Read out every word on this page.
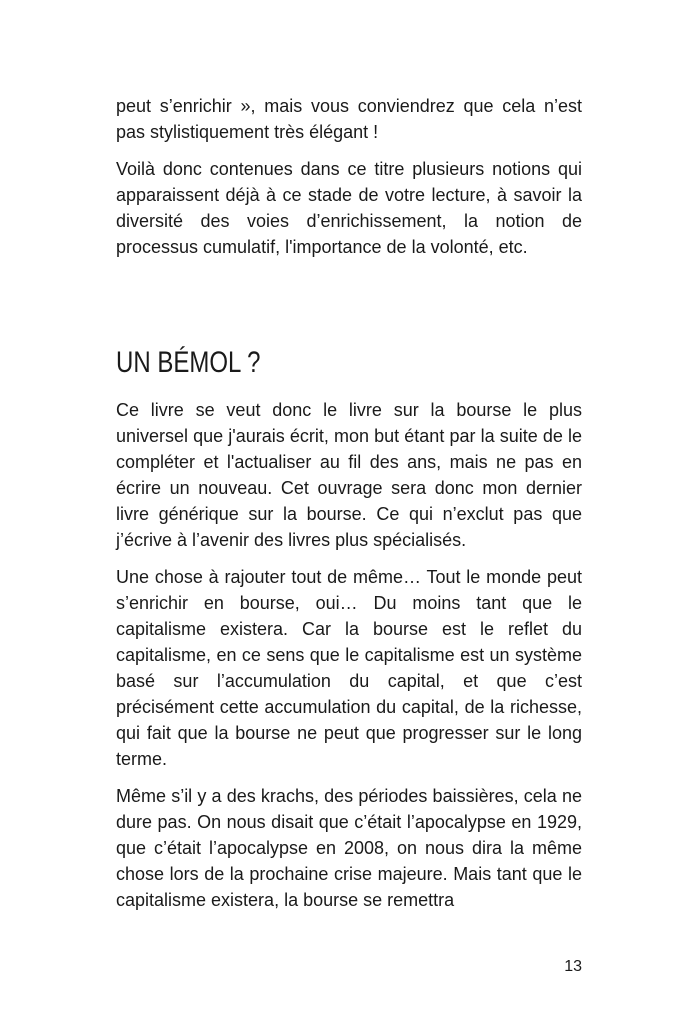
peut s’enrichir », mais vous conviendrez que cela n’est pas stylistiquement très élégant !

Voilà donc contenues dans ce titre plusieurs notions qui apparaissent déjà à ce stade de votre lecture, à savoir la diversité des voies d’enrichissement, la notion de processus cumulatif, l'importance de la volonté, etc.

UN BÉMOL ?

Ce livre se veut donc le livre sur la bourse le plus universel que j'aurais écrit, mon but étant par la suite de le compléter et l'actualiser au fil des ans, mais ne pas en écrire un nouveau. Cet ouvrage sera donc mon dernier livre générique sur la bourse. Ce qui n’exclut pas que j’écrive à l’avenir des livres plus spécialisés.

Une chose à rajouter tout de même… Tout le monde peut s’enrichir en bourse, oui… Du moins tant que le capitalisme existera. Car la bourse est le reflet du capitalisme, en ce sens que le capitalisme est un système basé sur l’accumulation du capital, et que c’est précisément cette accumulation du capital, de la richesse, qui fait que la bourse ne peut que progresser sur le long terme.

Même s’il y a des krachs, des périodes baissières, cela ne dure pas. On nous disait que c’était l’apocalypse en 1929, que c’était l’apocalypse en 2008, on nous dira la même chose lors de la prochaine crise majeure. Mais tant que le capitalisme existera, la bourse se remettra

13
